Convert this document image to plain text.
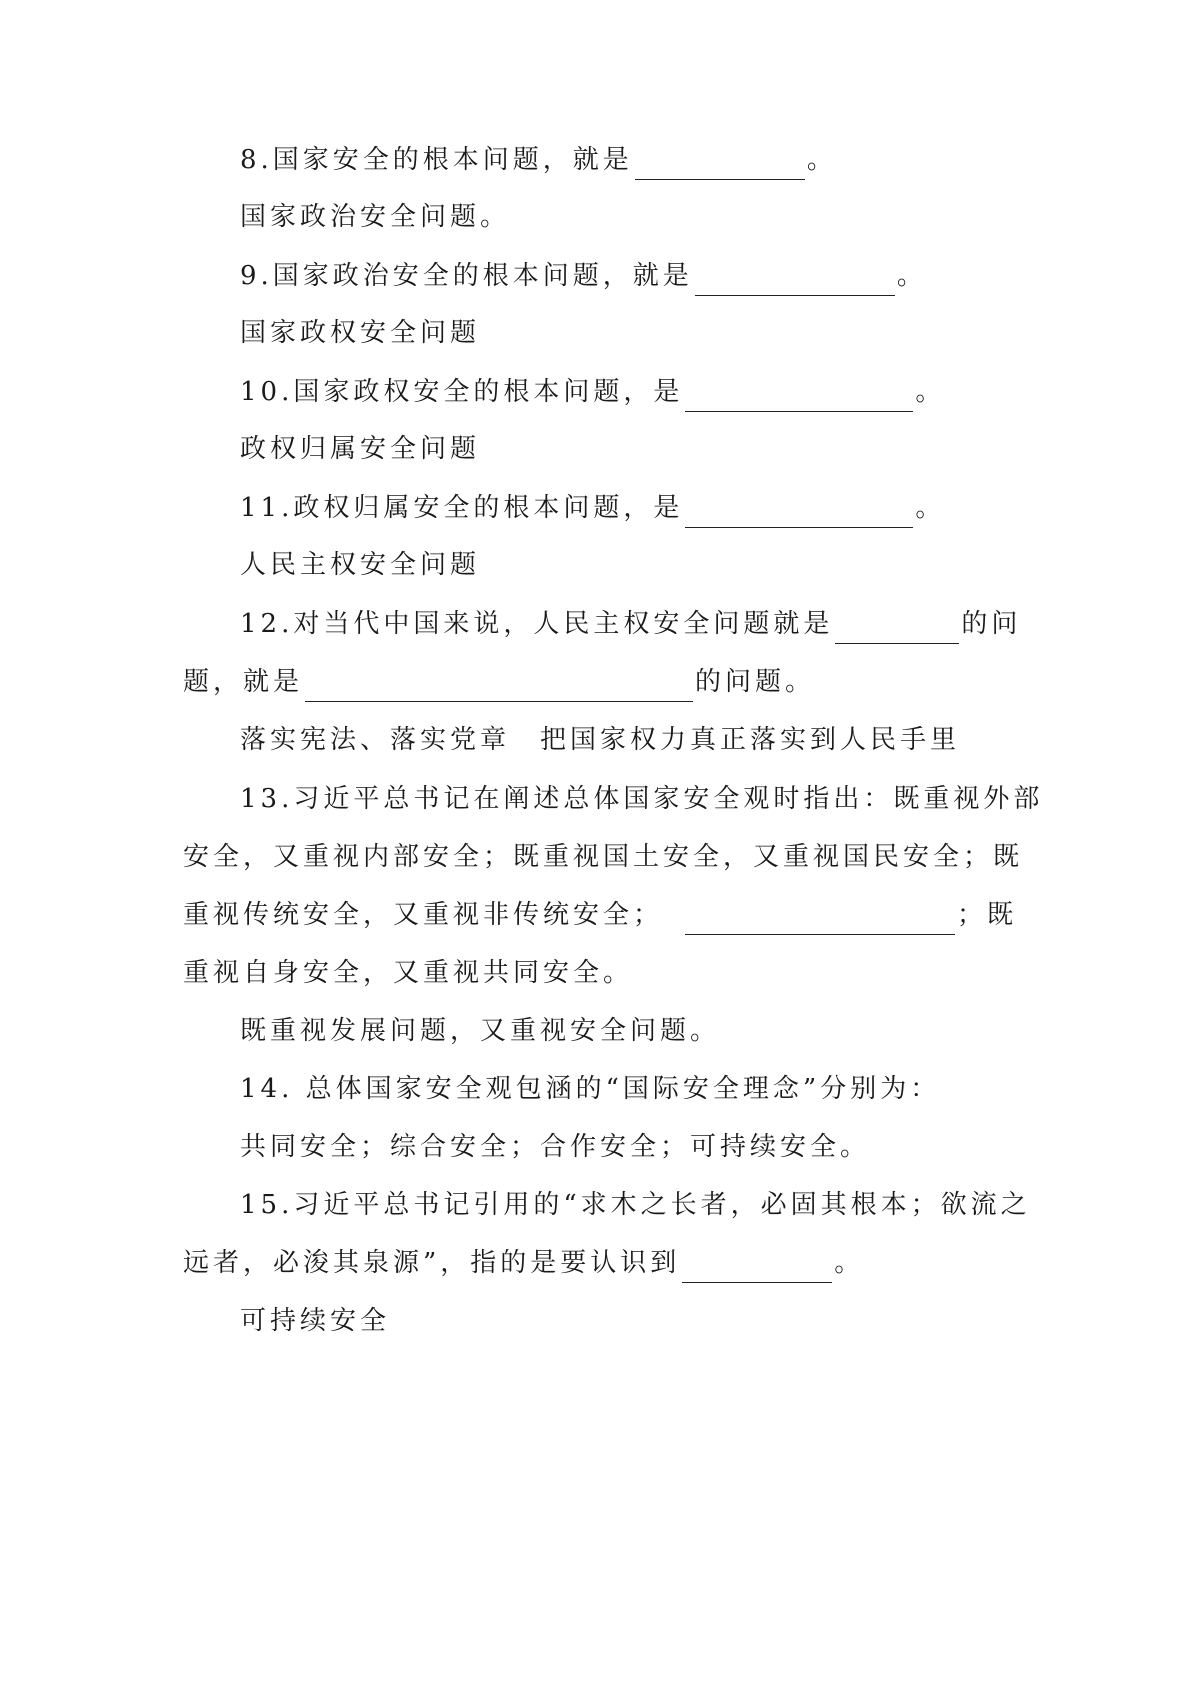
8.国家安全的根本问题，就是	。
国家政治安全问题。
9.国家政治安全的根本问题，就是	。
国家政权安全问题
10.国家政权安全的根本问题，是	。
政权归属安全问题
11.政权归属安全的根本问题，是	。
人民主权安全问题
12.对当代中国来说，人民主权安全问题就是	的问
题，就是	的问题。
落实宪法、落实党章 把国家权力真正落实到人民手里
13.习近平总书记在阐述总体国家安全观时指出：既重视外部
安全，又重视内部安全；既重视国土安全，又重视国民安全；既
重视传统安全，又重视非传统安全；	；既
重视自身安全，又重视共同安全。
既重视发展问题，又重视安全问题。
14. 总体国家安全观包涵的“国际安全理念”分别为：
共同安全；综合安全；合作安全；可持续安全。
15.习近平总书记引用的“求木之长者，必固其根本；欲流之
远者，必浚其泉源”，指的是要认识到	。
可持续安全
